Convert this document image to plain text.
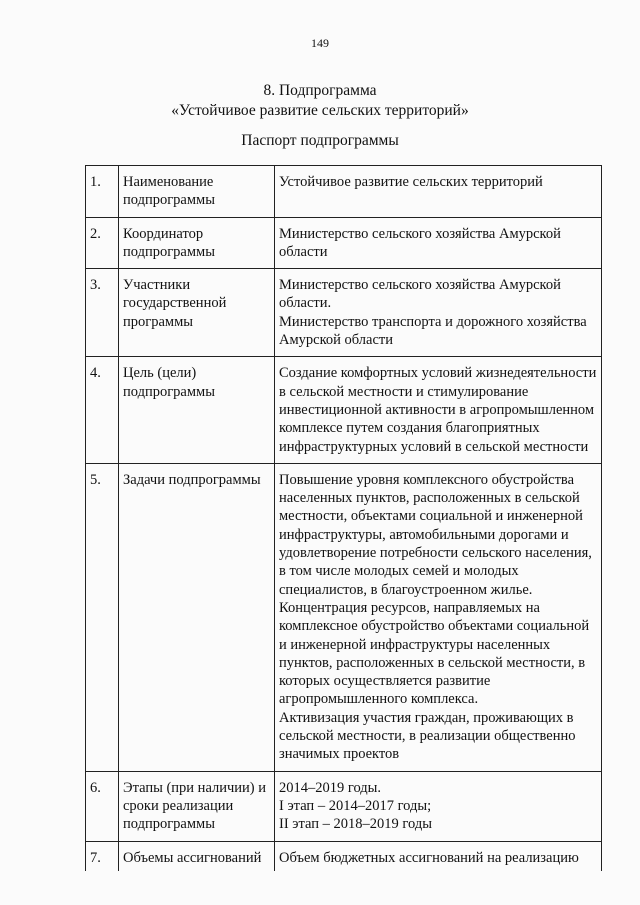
149
8. Подпрограмма
«Устойчивое развитие сельских территорий»
Паспорт подпрограммы
1.	Наименование подпрограммы	Устойчивое развитие сельских территорий

2.	Координатор подпрограммы	Министерство сельского хозяйства Амурской области

3.	Участники государственной программы	Министерство сельского хозяйства Амурской области.
Министерство транспорта и дорожного хозяйства Амурской области

4.	Цель (цели) подпрограммы	Создание комфортных условий жизнедеятельности в сельской местности и стимулирование инвестиционной активности в агропромышленном комплексе путем создания благоприятных инфраструктурных условий в сельской местности

5.	Задачи подпрограммы	Повышение уровня комплексного обустройства населенных пунктов, расположенных в сельской местности, объектами социальной и инженерной инфраструктуры, автомобильными дорогами и удовлетворение потребности сельского населения, в том числе молодых семей и молодых специалистов, в благоустроенном жилье.
Концентрация ресурсов, направляемых на комплексное обустройство объектами социальной и инженерной инфраструктуры населенных пунктов, расположенных в сельской местности, в которых осуществляется развитие агропромышленного комплекса.
Активизация участия граждан, проживающих в сельской местности, в реализации общественно значимых проектов

6.	Этапы (при наличии) и сроки реализации подпрограммы	2014–2019 годы.
I этап – 2014–2017 годы;
II этап – 2018–2019 годы

7.	Объемы ассигнований	Объем бюджетных ассигнований на реализацию
